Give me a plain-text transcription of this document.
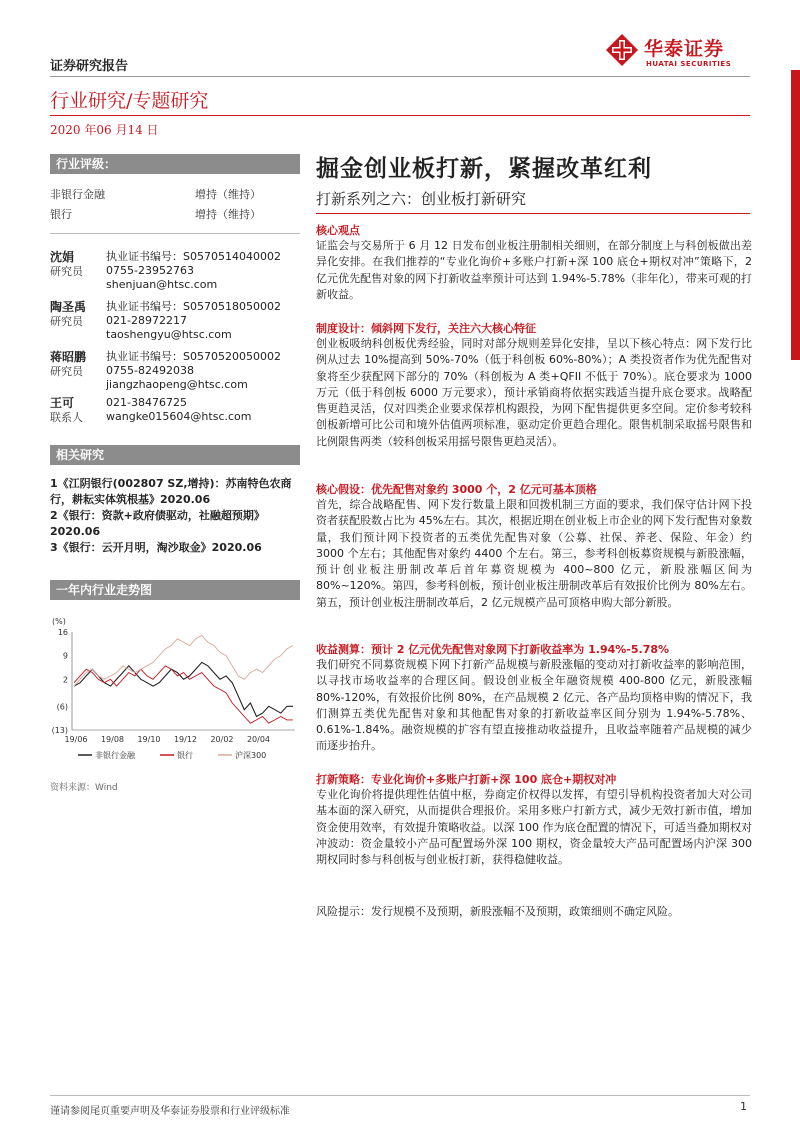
证券研究报告
行业研究/专题研究
2020 年06 月14 日
华泰证券
HUATAI SECURITIES
行业评级：
非银行金融	增持（维持）
银行	增持（维持）
沈娟
研究员
执业证书编号：S0570514040002
0755-23952763
shenjuan@htsc.com
陶圣禹
研究员
执业证书编号：S0570518050002
021-28972217
taoshengyu@htsc.com
蒋昭鹏
研究员
执业证书编号：S0570520050002
0755-82492038
jiangzhaopeng@htsc.com
王可
联系人
021-38476725
wangke015604@htsc.com
相关研究
1《江阴银行(002807 SZ,增持)：苏南特色农商行，耕耘实体筑根基》2020.06
2《银行：资款+政府债驱动，社融超预期》2020.06
3《银行：云开月明，淘沙取金》2020.06
一年内行业走势图
(%)
16
9
2
(6)
(13)
19/06 19/08 19/10 19/12 20/02 20/04
非银行金融	银行	沪深300
资料来源：Wind
掘金创业板打新，紧握改革红利
打新系列之六：创业板打新研究
核心观点

证监会与交易所于 6 月 12 日发布创业板注册制相关细则，在部分制度上与科创板做出差异化安排。在我们推荐的“专业化询价+多账户打新+深 100 底仓+期权对冲”策略下，2 亿元优先配售对象的网下打新收益率预计可达到 1.94%-5.78%（非年化），带来可观的打新收益。

制度设计：倾斜网下发行，关注六大核心特征

创业板吸纳科创板优秀经验，同时对部分规则差异化安排，呈以下核心特点：网下发行比例从过去 10%提高到 50%-70%（低于科创板 60%-80%）；A 类投资者作为优先配售对象将至少获配网下部分的 70%（科创板为 A 类+QFII 不低于 70%）。底仓要求为 1000 万元（低于科创板 6000 万元要求），预计承销商将依据实践适当提升底仓要求。战略配售更趋灵活，仅对四类企业要求保荐机构跟投，为网下配售提供更多空间。定价参考较科创板新增可比公司和境外估值两项标准，驱动定价更趋合理化。限售机制采取摇号限售和比例限售两类（较科创板采用摇号限售更趋灵活）。

核心假设：优先配售对象约 3000 个，2 亿元可基本顶格

首先，综合战略配售、网下发行数量上限和回拨机制三方面的要求，我们保守估计网下投资者获配股数占比为 45%左右。其次，根据近期在创业板上市企业的网下发行配售对象数量，我们预计网下投资者的五类优先配售对象（公募、社保、养老、保险、年金）约 3000 个左右；其他配售对象约 4400 个左右。第三，参考科创板募资规模与新股涨幅，预计创业板注册制改革后首年募资规模为 400~800 亿元，新股涨幅区间为 80%~120%。第四，参考科创板，预计创业板注册制改革后有效报价比例为 80%左右。第五，预计创业板注册制改革后，2 亿元规模产品可顶格申购大部分新股。

收益测算：预计 2 亿元优先配售对象网下打新收益率为 1.94%-5.78%

我们研究不同募资规模下网下打新产品规模与新股涨幅的变动对打新收益率的影响范围，以寻找市场收益率的合理区间。假设创业板全年融资规模 400-800 亿元，新股涨幅 80%-120%，有效报价比例 80%，在产品规模 2 亿元、各产品均顶格申购的情况下，我们测算五类优先配售对象和其他配售对象的打新收益率区间分别为 1.94%-5.78%、0.61%-1.84%。融资规模的扩容有望直接推动收益提升，且收益率随着产品规模的减少而逐步抬升。

打新策略：专业化询价+多账户打新+深 100 底仓+期权对冲

专业化询价将提供理性估值中枢，券商定价权得以发挥，有望引导机构投资者加大对公司基本面的深入研究，从而提供合理报价。采用多账户打新方式，减少无效打新市值，增加资金使用效率，有效提升策略收益。以深 100 作为底仓配置的情况下，可适当叠加期权对冲波动：资金量较小产品可配置场外深 100 期权，资金量较大产品可配置场内沪深 300 期权同时参与科创板与创业板打新，获得稳健收益。

风险提示：发行规模不及预期，新股涨幅不及预期，政策细则不确定风险。
谨请参阅尾页重要声明及华泰证券股票和行业评级标准	1
